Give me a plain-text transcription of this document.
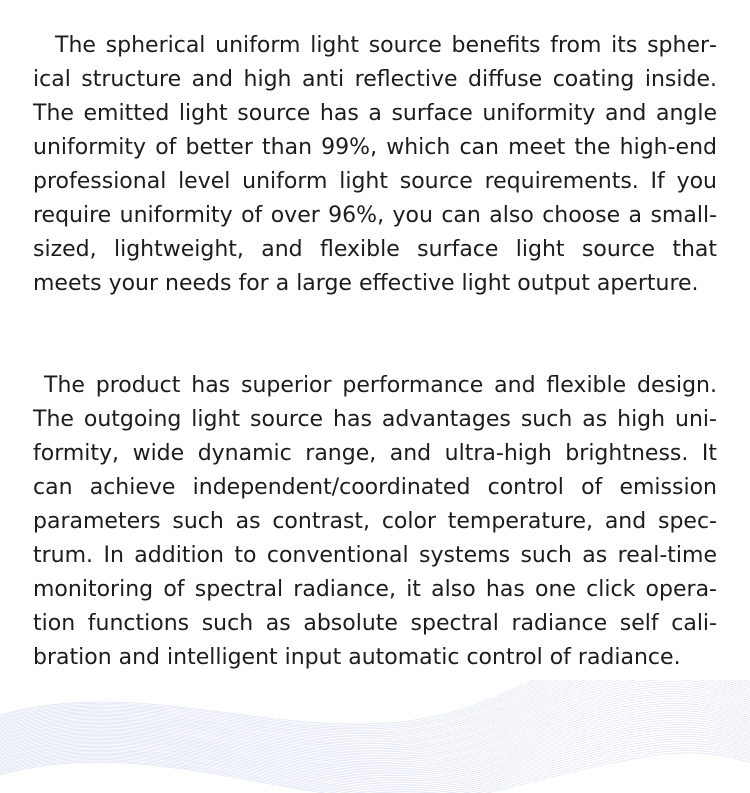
 The spherical uniform light source benefits from its spherical structure and high anti reflective diffuse coating inside. The emitted light source has a surface uniformity and angle uniformity of better than 99%, which can meet the high-end professional level uniform light source requirements. If you require uniformity of over 96%, you can also choose a small-sized, lightweight, and flexible surface light source that meets your needs for a large effective light output aperture.

 The product has superior performance and flexible design. The outgoing light source has advantages such as high uniformity, wide dynamic range, and ultra-high brightness. It can achieve independent/coordinated control of emission parameters such as contrast, color temperature, and spectrum. In addition to conventional systems such as real-time monitoring of spectral radiance, it also has one click operation functions such as absolute spectral radiance self calibration and intelligent input automatic control of radiance.
